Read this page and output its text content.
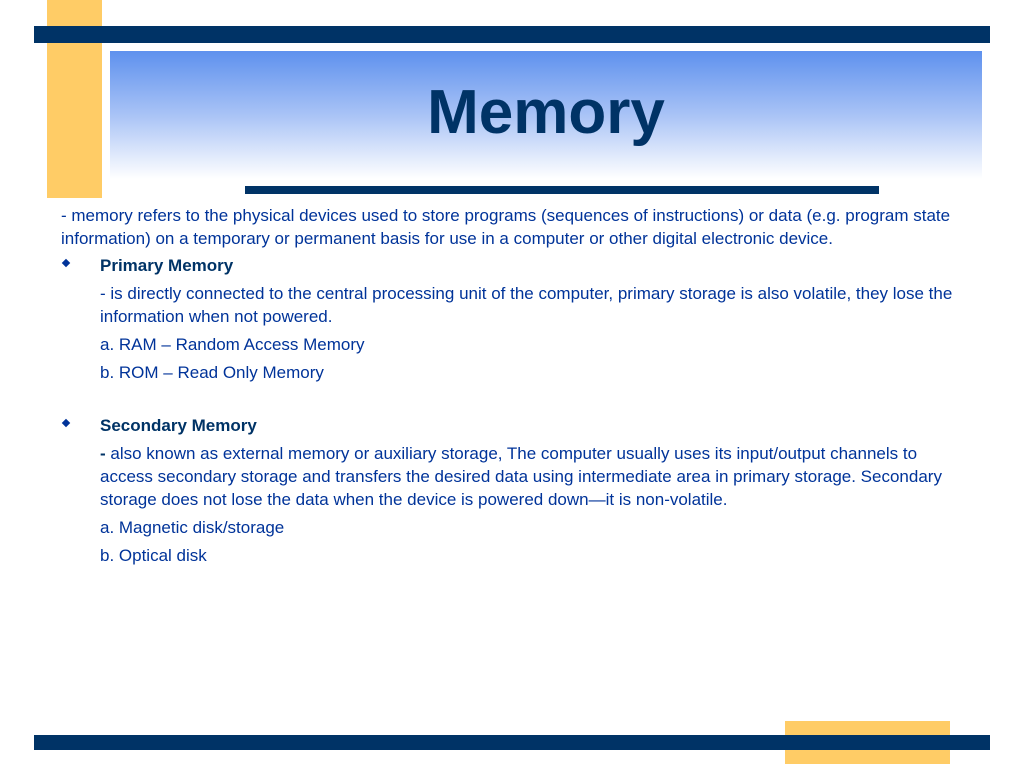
Memory

- memory refers to the physical devices used to store programs (sequences of instructions) or data (e.g. program state information) on a temporary or permanent basis for use in a computer or other digital electronic device.

Primary Memory

- is directly connected to the central processing unit of the computer, primary storage is also volatile, they lose the information when not powered.

a. RAM – Random Access Memory

b. ROM – Read Only Memory

Secondary Memory

- also known as external memory or auxiliary storage, The computer usually uses its input/output channels to access secondary storage and transfers the desired data using intermediate area in primary storage. Secondary storage does not lose the data when the device is powered down—it is non-volatile.

a. Magnetic disk/storage

b. Optical disk
